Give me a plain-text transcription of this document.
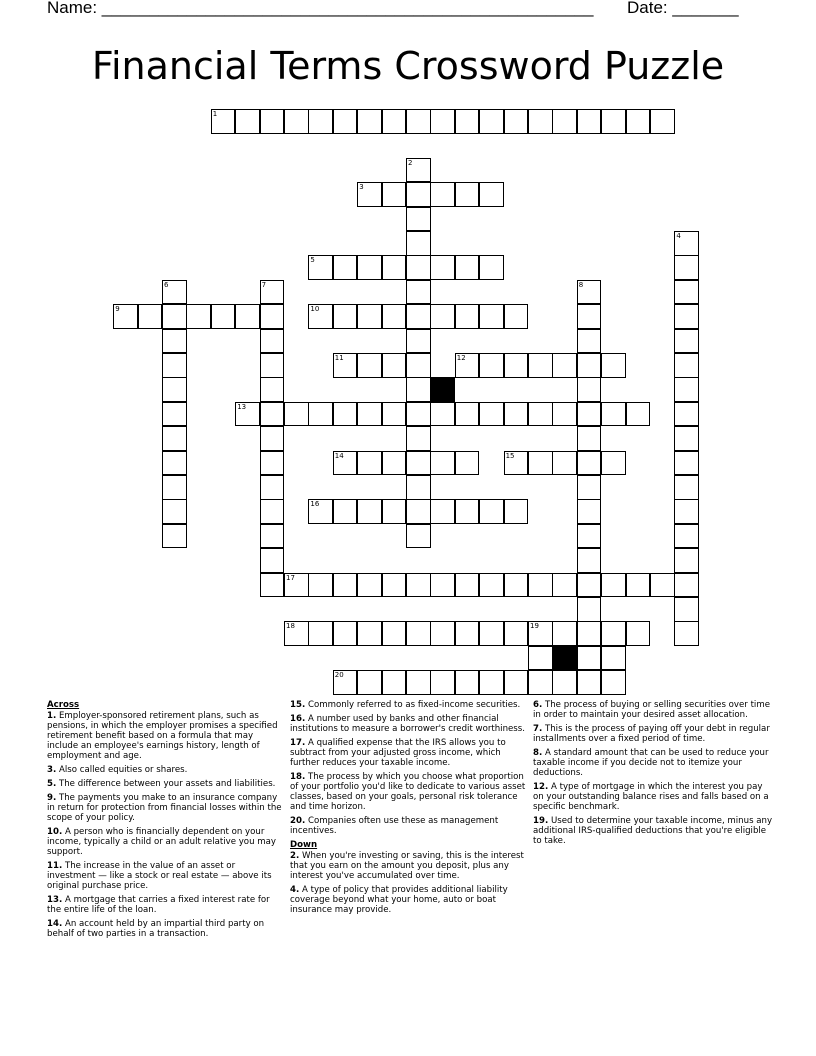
Name: ____________________________________________________ Date: _______
Financial Terms Crossword Puzzle
1
2
3
4
5
6	7	8
9	10
11	12
13
14	15
16
17
18	19
20
Across
1. Employer-sponsored retirement plans, such as pensions, in which the employer promises a specified retirement benefit based on a formula that may include an employee's earnings history, length of employment and age.
3. Also called equities or shares.
5. The difference between your assets and liabilities.
9. The payments you make to an insurance company in return for protection from financial losses within the scope of your policy.
10. A person who is financially dependent on your income, typically a child or an adult relative you may support.
11. The increase in the value of an asset or investment — like a stock or real estate — above its original purchase price.
13. A mortgage that carries a fixed interest rate for the entire life of the loan.
14. An account held by an impartial third party on behalf of two parties in a transaction.
15. Commonly referred to as fixed-income securities.
16. A number used by banks and other financial institutions to measure a borrower's credit worthiness.
17. A qualified expense that the IRS allows you to subtract from your adjusted gross income, which further reduces your taxable income.
18. The process by which you choose what proportion of your portfolio you'd like to dedicate to various asset classes, based on your goals, personal risk tolerance and time horizon.
20. Companies often use these as management incentives.
Down
2. When you're investing or saving, this is the interest that you earn on the amount you deposit, plus any interest you've accumulated over time.
4. A type of policy that provides additional liability coverage beyond what your home, auto or boat insurance may provide.
6. The process of buying or selling securities over time in order to maintain your desired asset allocation.
7. This is the process of paying off your debt in regular installments over a fixed period of time.
8. A standard amount that can be used to reduce your taxable income if you decide not to itemize your deductions.
12. A type of mortgage in which the interest you pay on your outstanding balance rises and falls based on a specific benchmark.
19. Used to determine your taxable income, minus any additional IRS-qualified deductions that you're eligible to take.
